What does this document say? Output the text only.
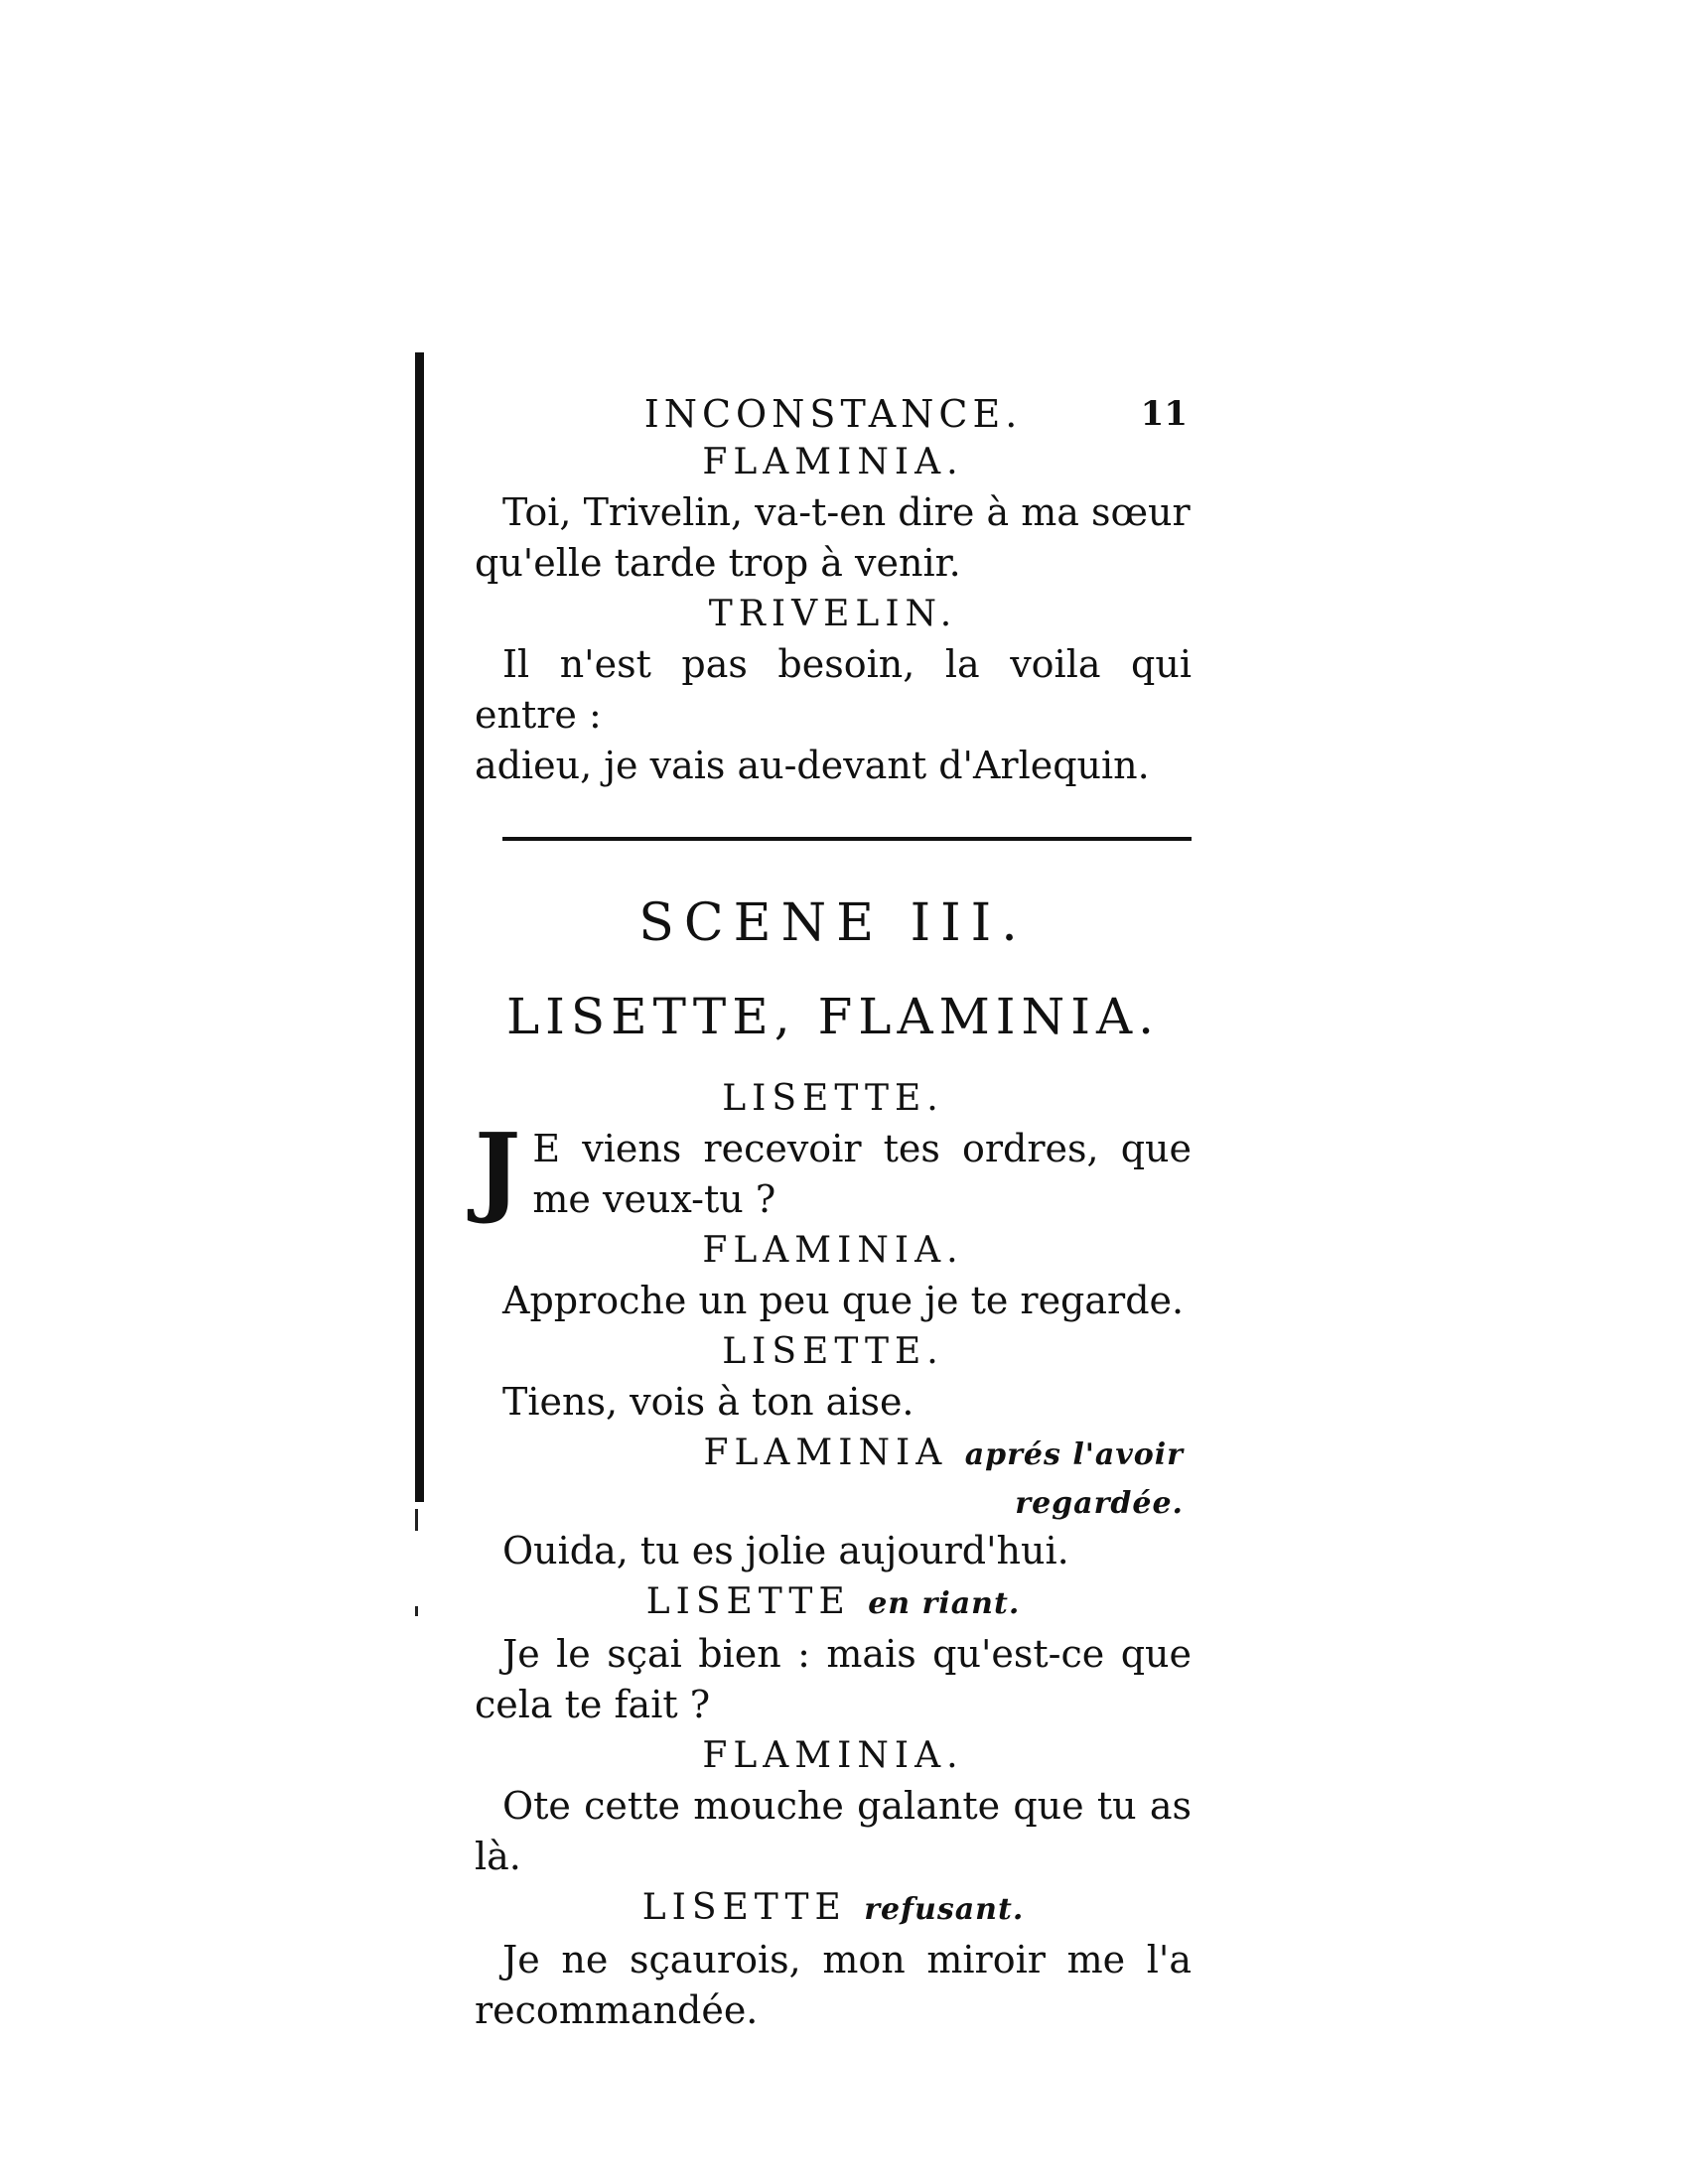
INCONSTANCE.	11
FLAMINIA.
Toi, Trivelin, va-t-en dire à ma sœur
qu'elle tarde trop à venir.
TRIVELIN.
Il n'est pas besoin, la voila qui entre :
adieu, je vais au-devant d'Arlequin.
SCENE III.
LISETTE, FLAMINIA.
LISETTE.
J E viens recevoir tes ordres, que me veux-tu ?
FLAMINIA.
Approche un peu que je te regarde.
LISETTE.
Tiens, vois à ton aise.
FLAMINIA aprés l'avoir
regardée.
Ouida, tu es jolie aujourd'hui.
LISETTE en riant.
Je le sçai bien : mais qu'est-ce que cela te fait ?
FLAMINIA.
Ote cette mouche galante que tu as là.
LISETTE refusant.
Je ne sçaurois, mon miroir me l'a recommandée.
